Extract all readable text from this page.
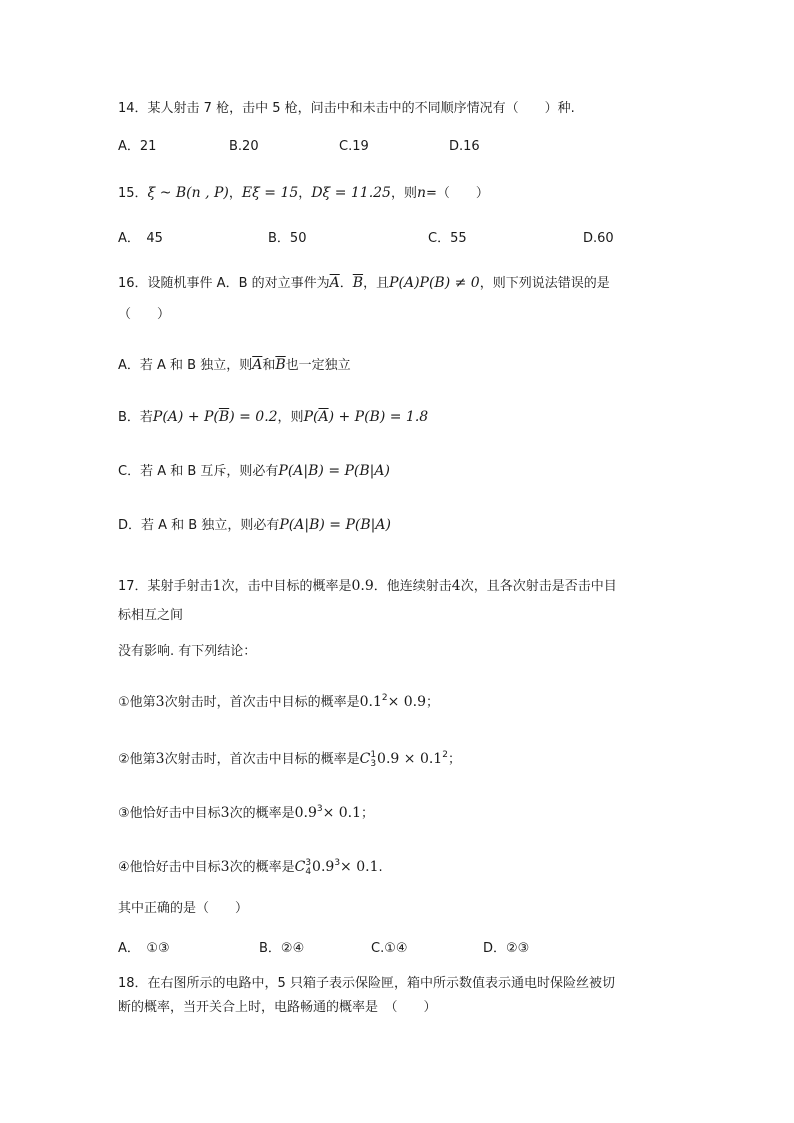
14．某人射击 7 枪，击中 5 枪，问击中和未击中的不同顺序情况有（　　）种.
A．21	B.20	C.19	D.16
15．ξ ~ B(n , P)，Eξ = 15，Dξ = 11.25，则n=（　　）
A．　45	B．50	C．55	D.60
16．设随机事件 A．B 的对立事件为$\overline{A}$．$\overline{B}$，且P(A)P(B) ≠ 0，则下列说法错误的是
（　　）
A．若 A 和 B 独立，则$\overline{A}$和$\overline{B}$也一定独立
B．若$P(A) + P(\overline{B}) = 0.2$，则$P(\overline{A}) + P(B) = 1.8$
C．若 A 和 B 互斥，则必有P(A|B) = P(B|A)
D．若 A 和 B 独立，则必有P(A|B) = P(B|A)
17．某射手射击1次，击中目标的概率是0.9．他连续射击4次，且各次射击是否击中目
标相互之间
没有影响. 有下列结论：
①他第3次射击时，首次击中目标的概率是$0.1^2\times 0.9$；
②他第3次射击时，首次击中目标的概率是C 1
3 $0.9 \times 0.1^2$；
③他恰好击中目标3次的概率是$0.9^3\times 0.1$；
④他恰好击中目标3次的概率是C 3
4 $0.9^3\times 0.1$.
其中正确的是（　　）
A．　①③	B．②④	C.①④	D．②③
18．在右图所示的电路中，5 只箱子表示保险匣，箱中所示数值表示通电时保险丝被切
断的概率，当开关合上时，电路畅通的概率是　（　　）
